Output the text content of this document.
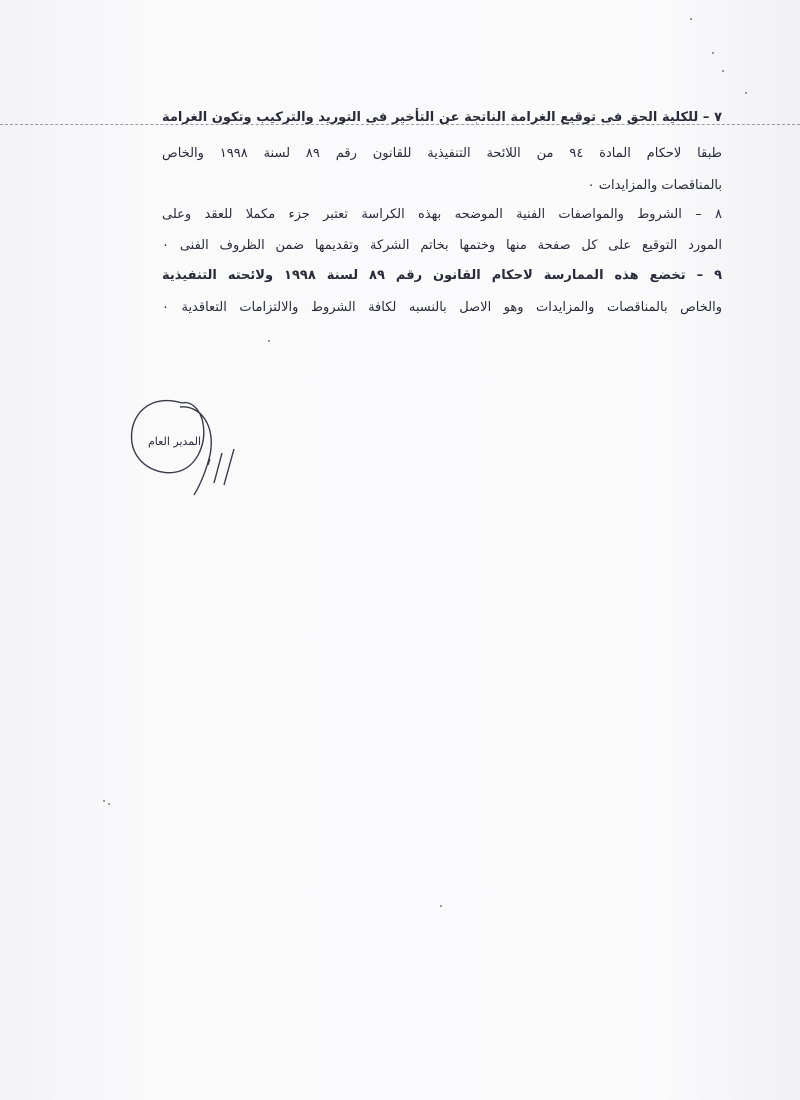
٧ – للكلية الحق فى توقيع الغرامة الناتجة عن التأخير فى التوريد والتركيب وتكون الغرامة
طبقا لاحكام المادة ٩٤ من اللائحة التنفيذية للقانون رقم ٨٩ لسنة ١٩٩٨ والخاص
بالمناقصات والمزايدات ٠
٨ – الشروط والمواصفات الفنية الموضحه بهذه الكراسة تعتبر جزء مكملا للعقد وعلى
المورد التوقيع على كل صفحة منها وختمها بخاتم الشركة وتقديمها ضمن الظروف الفنى ٠
٩ – تخضع هذه الممارسة لاحكام القانون رقم ٨٩ لسنة ١٩٩٨ ولائحته التنفيذية
والخاص بالمناقصات والمزايدات وهو الاصل بالنسبه لكافة الشروط والالتزامات التعاقدية ٠
المدير العام
